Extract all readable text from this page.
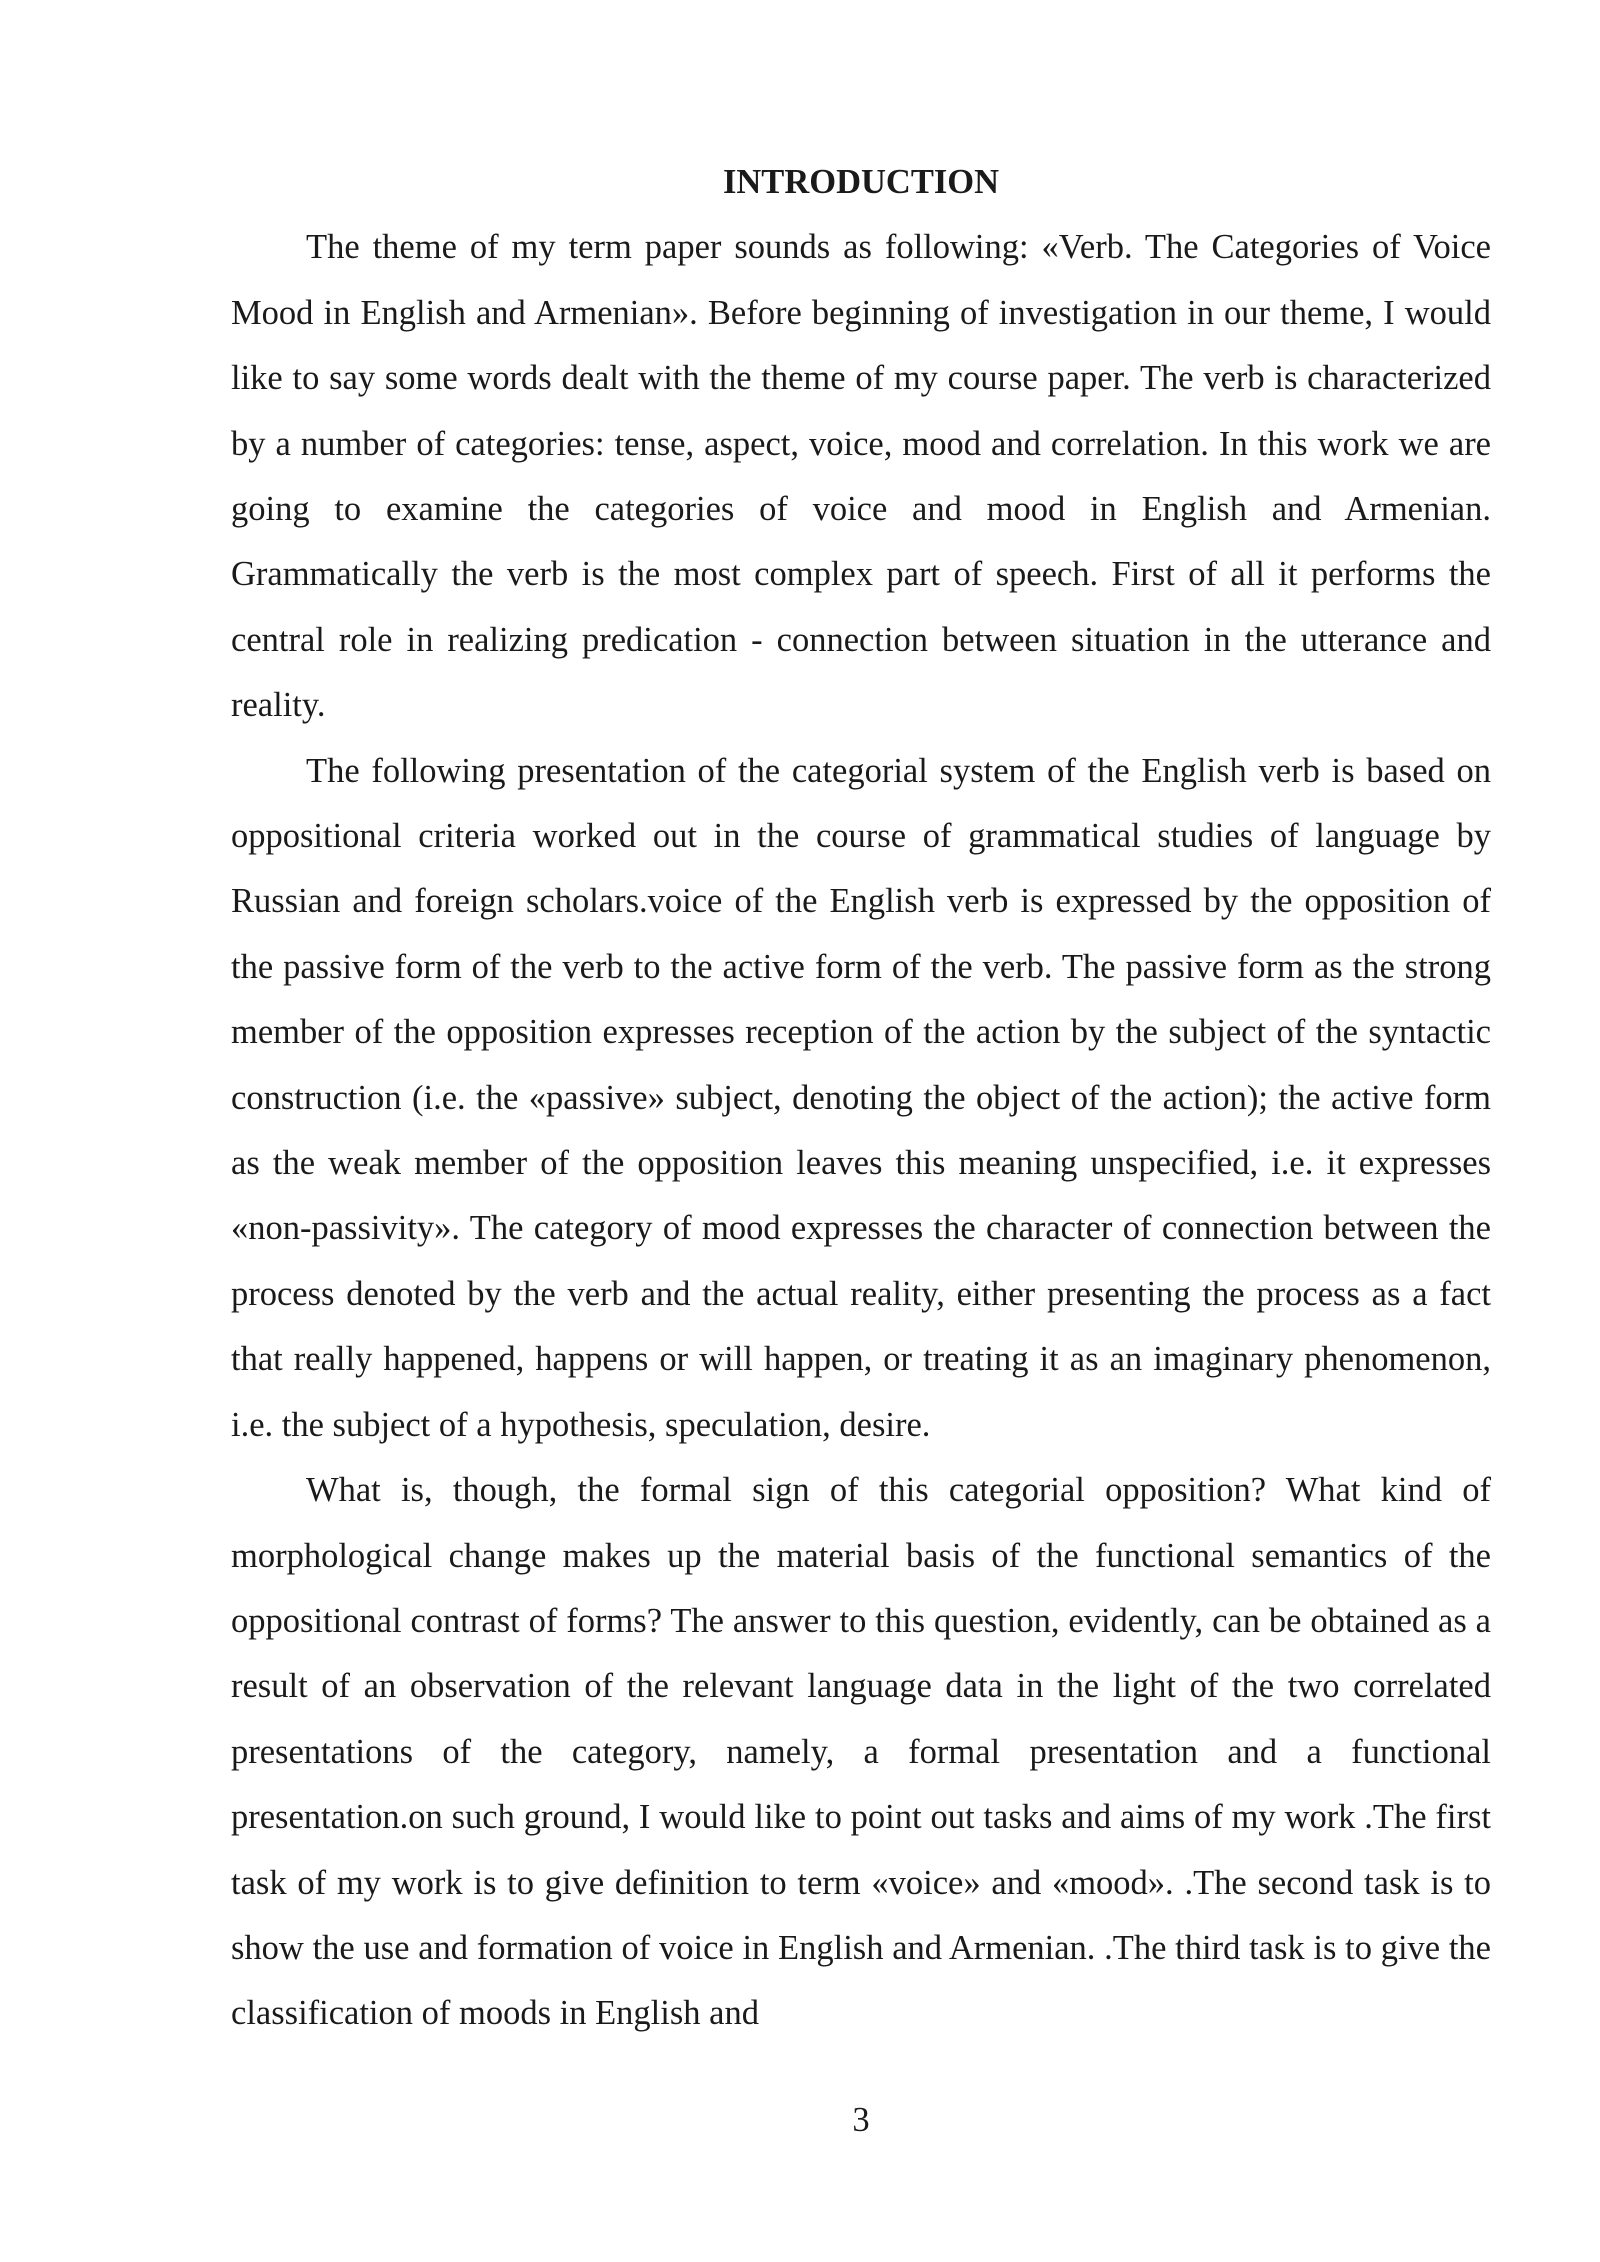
INTRODUCTION

The theme of my term paper sounds as following: «Verb. The Categories of Voice Mood in English and Armenian». Before beginning of investigation in our theme, I would like to say some words dealt with the theme of my course paper. The verb is characterized by a number of categories: tense, aspect, voice, mood and correlation. In this work we are going to examine the categories of voice and mood in English and Armenian. Grammatically the verb is the most complex part of speech. First of all it performs the central role in realizing predication - connection between situation in the utterance and reality.

The following presentation of the categorial system of the English verb is based on oppositional criteria worked out in the course of grammatical studies of language by Russian and foreign scholars.voice of the English verb is expressed by the opposition of the passive form of the verb to the active form of the verb. The passive form as the strong member of the opposition expresses reception of the action by the subject of the syntactic construction (i.e. the «passive» subject, denoting the object of the action); the active form as the weak member of the opposition leaves this meaning unspecified, i.e. it expresses «non-passivity». The category of mood expresses the character of connection between the process denoted by the verb and the actual reality, either presenting the process as a fact that really happened, happens or will happen, or treating it as an imaginary phenomenon, i.e. the subject of a hypothesis, speculation, desire.

What is, though, the formal sign of this categorial opposition? What kind of morphological change makes up the material basis of the functional semantics of the oppositional contrast of forms? The answer to this question, evidently, can be obtained as a result of an observation of the relevant language data in the light of the two correlated presentations of the category, namely, a formal presentation and a functional presentation.on such ground, I would like to point out tasks and aims of my work .The first task of my work is to give definition to term «voice» and «mood». .The second task is to show the use and formation of voice in English and Armenian. .The third task is to give the classification of moods in English and

3
